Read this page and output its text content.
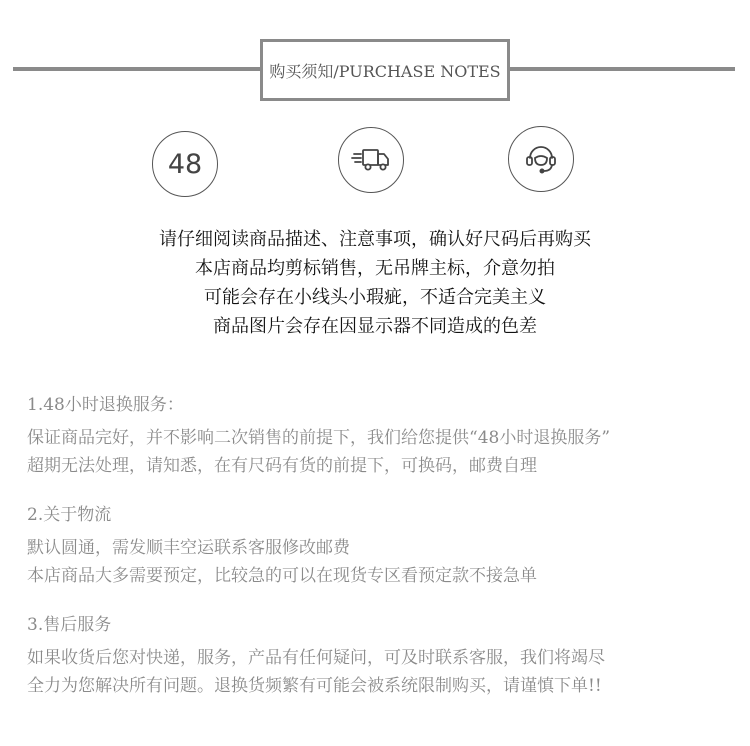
购买须知/PURCHASE NOTES
48
请仔细阅读商品描述、注意事项，确认好尺码后再购买
本店商品均剪标销售，无吊牌主标，介意勿拍
可能会存在小线头小瑕疵，不适合完美主义
商品图片会存在因显示器不同造成的色差
1.48小时退换服务：
保证商品完好，并不影响二次销售的前提下，我们给您提供“48小时退换服务”
超期无法处理，请知悉，在有尺码有货的前提下，可换码，邮费自理
2.关于物流
默认圆通，需发顺丰空运联系客服修改邮费
本店商品大多需要预定，比较急的可以在现货专区看预定款不接急单
3.售后服务
如果收货后您对快递，服务，产品有任何疑问，可及时联系客服，我们将竭尽
全力为您解决所有问题。退换货频繁有可能会被系统限制购买，请谨慎下单!!
